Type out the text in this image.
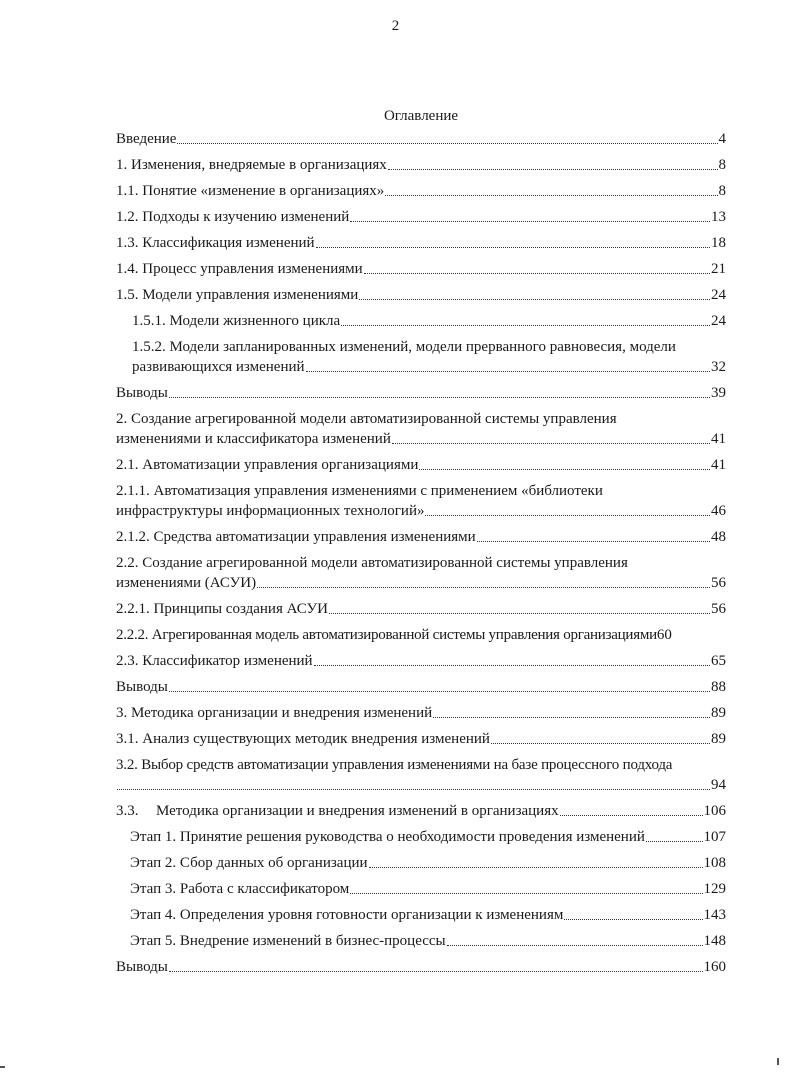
2
Оглавление
Введение	4
1. Изменения, внедряемые в организациях	8
1.1. Понятие «изменение в организациях»	8
1.2. Подходы к изучению изменений	13
1.3. Классификация изменений	18
1.4. Процесс управления изменениями	21
1.5. Модели управления изменениями	24
1.5.1. Модели жизненного цикла	24
1.5.2. Модели запланированных изменений, модели прерванного равновесия, модели
развивающихся изменений	32
Выводы	39
2. Создание агрегированной модели автоматизированной системы управления
изменениями и классификатора изменений	41
2.1. Автоматизации управления организациями	41
2.1.1. Автоматизация управления изменениями с применением «библиотеки
инфраструктуры информационных технологий»	46
2.1.2. Средства автоматизации управления изменениями	48
2.2. Создание агрегированной модели автоматизированной системы управления
изменениями (АСУИ)	56
2.2.1. Принципы создания АСУИ	56
2.2.2. Агрегированная модель автоматизированной системы управления организациями 60
2.3. Классификатор изменений	65
Выводы	88
3. Методика организации и внедрения изменений	89
3.1. Анализ существующих методик внедрения изменений	89
3.2. Выбор средств автоматизации управления изменениями на базе процессного подхода
94
3.3. Методика организации и внедрения изменений в организациях	106
Этап 1. Принятие решения руководства о необходимости проведения изменений	107
Этап 2. Сбор данных об организации	108
Этап 3. Работа с классификатором	129
Этап 4. Определения уровня готовности организации к изменениям	143
Этап 5. Внедрение изменений в бизнес-процессы	148
Выводы	160
